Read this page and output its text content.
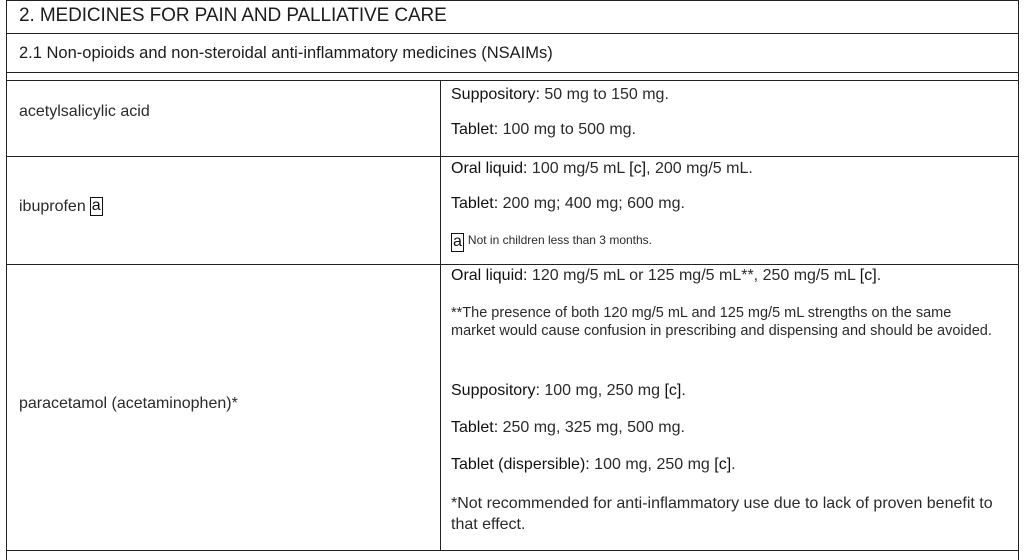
2. MEDICINES FOR PAIN AND PALLIATIVE CARE
2.1 Non-opioids and non-steroidal anti-inflammatory medicines (NSAIMs)
acetylsalicylic acid
Suppository: 50 mg to 150 mg.
Tablet: 100 mg to 500 mg.
ibuprofen a
Oral liquid: 100 mg/5 mL [c], 200 mg/5 mL.
Tablet: 200 mg; 400 mg; 600 mg.
a Not in children less than 3 months.
paracetamol (acetaminophen)*
Oral liquid: 120 mg/5 mL or 125 mg/5 mL**, 250 mg/5 mL [c].
**The presence of both 120 mg/5 mL and 125 mg/5 mL strengths on the same market would cause confusion in prescribing and dispensing and should be avoided.
Suppository: 100 mg, 250 mg [c].
Tablet: 250 mg, 325 mg, 500 mg.
Tablet (dispersible): 100 mg, 250 mg [c].
*Not recommended for anti-inflammatory use due to lack of proven benefit to that effect.
